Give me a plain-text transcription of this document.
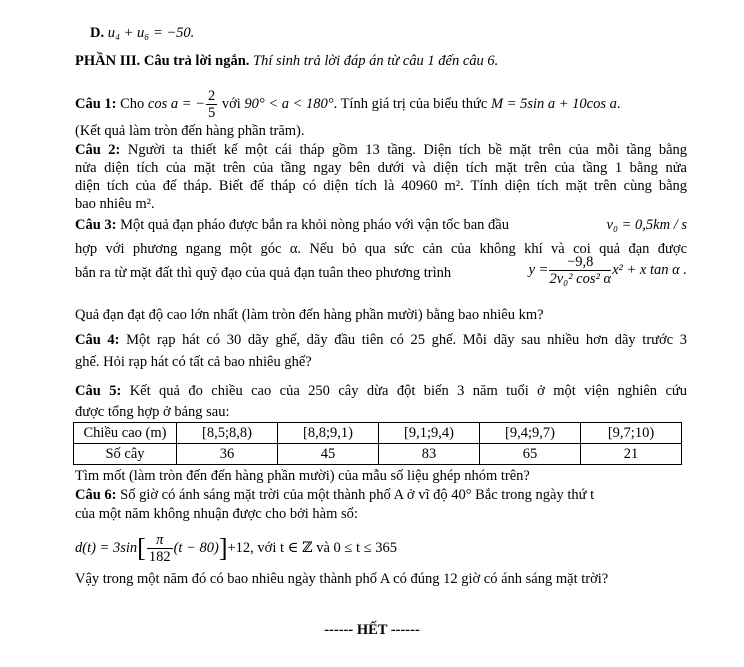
D. u₄ + u₆ = −50.
PHẦN III. Câu trả lời ngắn. Thí sinh trả lời đáp án từ câu 1 đến câu 6.
Câu 1: Cho cos a = − $\frac{2}{5}$ với 90° < a < 180°. Tính giá trị của biểu thức M = 5sin a + 10cos a.
(Kết quả làm tròn đến hàng phần trăm).
Câu 2: Người ta thiết kế một cái tháp gồm 13 tầng. Diện tích bề mặt trên của mỗi tầng bằng
nửa diện tích của mặt trên của tầng ngay bên dưới và diện tích mặt trên của tầng 1 bằng nửa
diện tích của đế tháp. Biết đế tháp có diện tích là 40960 m². Tính diện tích mặt trên cùng bằng
bao nhiêu m².
Câu 3: Một quả đạn pháo được bắn ra khỏi nòng pháo với vận tốc ban đầu	v₀ = 0,5km / s
hợp với phương ngang một góc α. Nếu bỏ qua sức cản của không khí và coi quả đạn được
bắn ra từ mặt đất thì quỹ đạo của quả đạn tuân theo phương trình	$y = \frac{-9,8}{\text{2v₀² cos² α}}x^2 + x$ tan α .
Quả đạn đạt độ cao lớn nhất (làm tròn đến hàng phần mười) bằng bao nhiêu km?
Câu 4: Một rạp hát có 30 dãy ghế, dãy đầu tiên có 25 ghế. Mỗi dãy sau nhiều hơn dãy trước 3
ghế. Hỏi rạp hát có tất cả bao nhiêu ghế?
Câu 5: Kết quả đo chiều cao của 250 cây dừa đột biến 3 năm tuổi ở một viện nghiên cứu
được tổng hợp ở bảng sau:
Chiều cao (m)	[8,5;8,8)	[8,8;9,1)	[9,1;9,4)	[9,4;9,7)	[9,7;10)
Số cây	36	45	83	65	21
Tìm mốt (làm tròn đến đến hàng phần mười) của mẫu số liệu ghép nhóm trên?
Câu 6: Số giờ có ánh sáng mặt trời của một thành phố A ở vĩ độ 40° Bắc trong ngày thứ t
của một năm không nhuận được cho bởi hàm số:
$d(t) = 3\sin[ \frac{\pi}{182} (t - 80)]+12$, với t ∈ ℤ và 0 ≤ t ≤ 365
Vậy trong một năm đó có bao nhiêu ngày thành phố A có đúng 12 giờ có ánh sáng mặt trời?
------ HẾT ------
